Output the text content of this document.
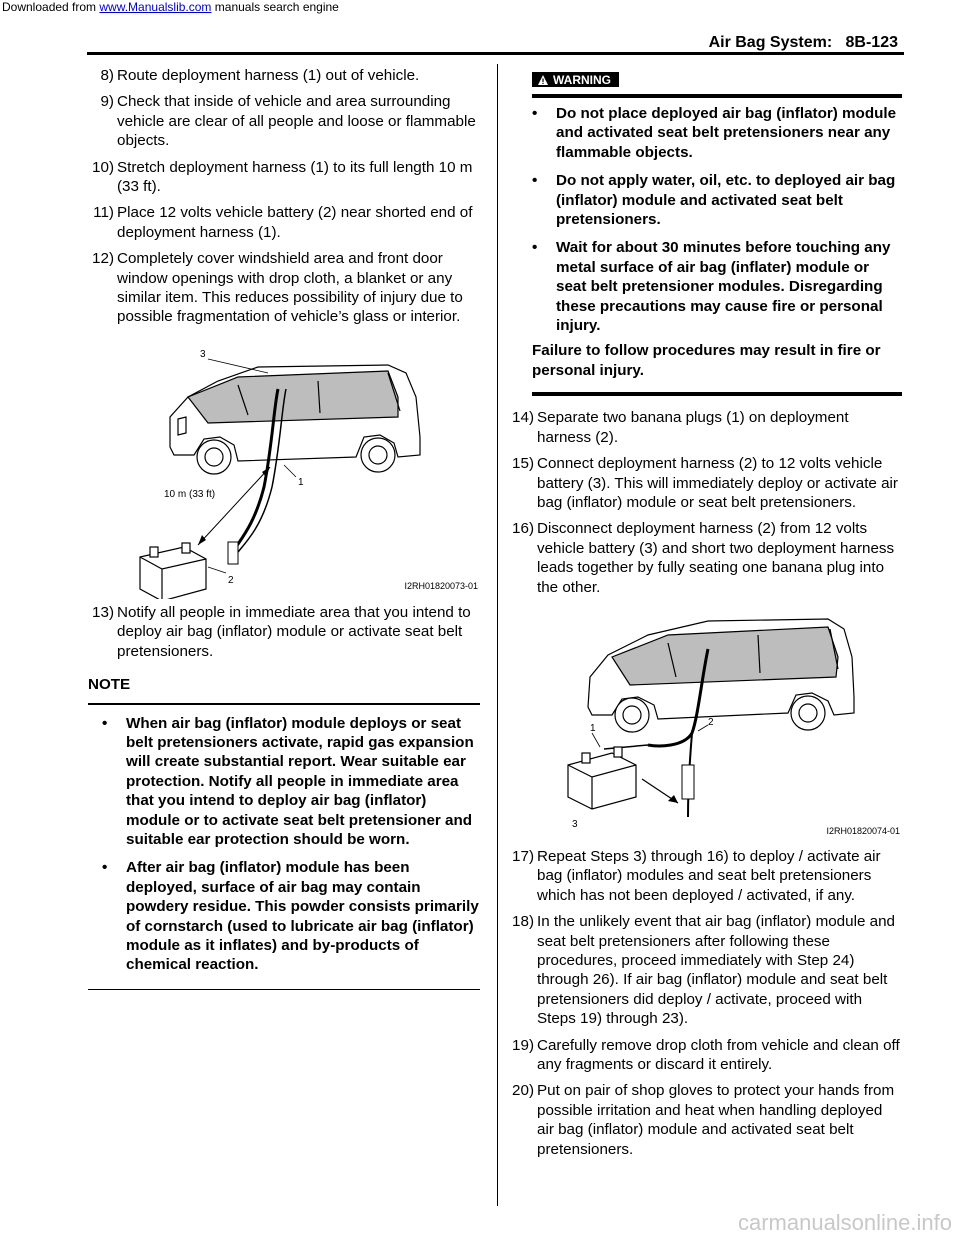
Downloaded from www.Manualslib.com manuals search engine
Air Bag System: 8B-123
8) Route deployment harness (1) out of vehicle.
9) Check that inside of vehicle and area surrounding vehicle are clear of all people and loose or flammable objects.
10) Stretch deployment harness (1) to its full length 10 m (33 ft).
11) Place 12 volts vehicle battery (2) near shorted end of deployment harness (1).
12) Completely cover windshield area and front door window openings with drop cloth, a blanket or any similar item. This reduces possibility of injury due to possible fragmentation of vehicle’s glass or interior.
3
1
2
10 m (33 ft)
I2RH01820073-01
13) Notify all people in immediate area that you intend to deploy air bag (inflator) module or activate seat belt pretensioners.
NOTE
• When air bag (inflator) module deploys or seat belt pretensioners activate, rapid gas expansion will create substantial report. Wear suitable ear protection. Notify all people in immediate area that you intend to deploy air bag (inflator) module or to activate seat belt pretensioner and suitable ear protection should be worn.
• After air bag (inflator) module has been deployed, surface of air bag may contain powdery residue. This powder consists primarily of cornstarch (used to lubricate air bag (inflator) module as it inflates) and by-products of chemical reaction.
WARNING
• Do not place deployed air bag (inflator) module and activated seat belt pretensioners near any flammable objects.
• Do not apply water, oil, etc. to deployed air bag (inflator) module and activated seat belt pretensioners.
• Wait for about 30 minutes before touching any metal surface of air bag (inflater) module or seat belt pretensioner modules. Disregarding these precautions may cause fire or personal injury.
Failure to follow procedures may result in fire or personal injury.
14) Separate two banana plugs (1) on deployment harness (2).
15) Connect deployment harness (2) to 12 volts vehicle battery (3). This will immediately deploy or activate air bag (inflator) module or seat belt pretensioners.
16) Disconnect deployment harness (2) from 12 volts vehicle battery (3) and short two deployment harness leads together by fully seating one banana plug into the other.
1
2
3
I2RH01820074-01
17) Repeat Steps 3) through 16) to deploy / activate air bag (inflator) modules and seat belt pretensioners which has not been deployed / activated, if any.
18) In the unlikely event that air bag (inflator) module and seat belt pretensioners after following these procedures, proceed immediately with Step 24) through 26). If air bag (inflator) module and seat belt pretensioners did deploy / activate, proceed with Steps 19) through 23).
19) Carefully remove drop cloth from vehicle and clean off any fragments or discard it entirely.
20) Put on pair of shop gloves to protect your hands from possible irritation and heat when handling deployed air bag (inflator) module and activated seat belt pretensioners.
carmanualsonline.info
